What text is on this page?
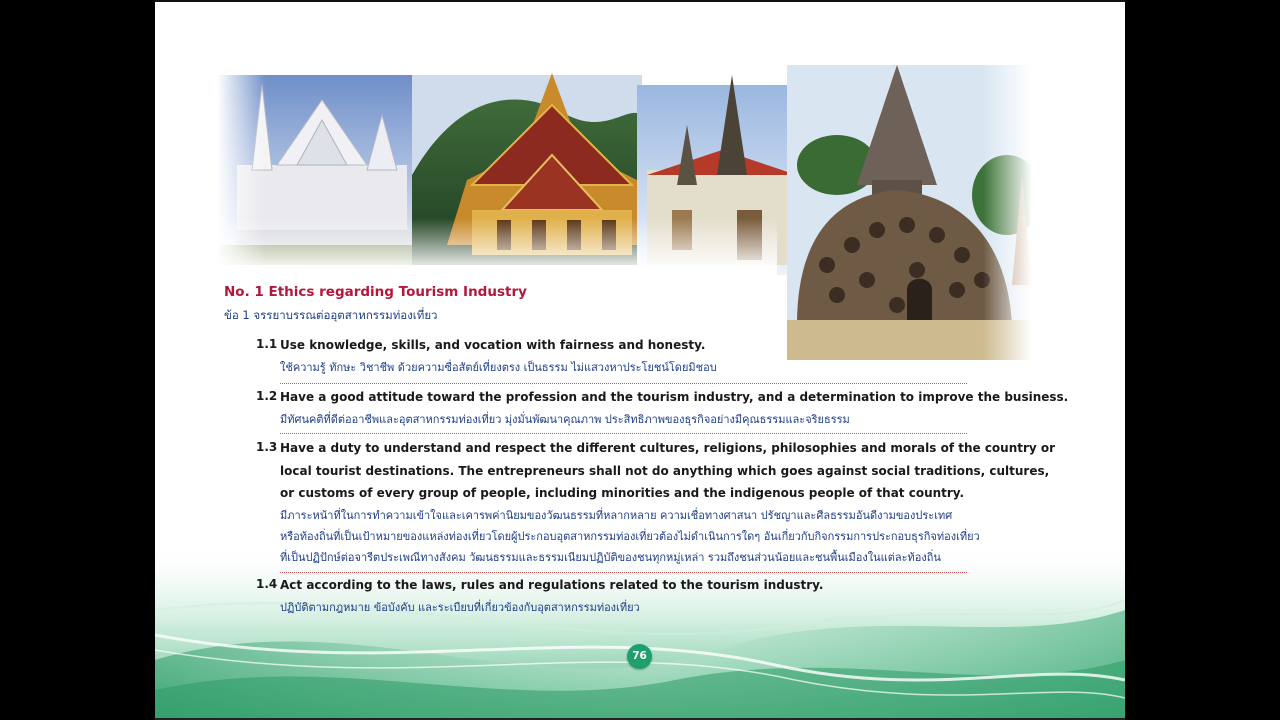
No. 1 Ethics regarding Tourism Industry
ข้อ 1 จรรยาบรรณต่ออุตสาหกรรมท่องเที่ยว
1.1 Use knowledge, skills, and vocation with fairness and honesty.
ใช้ความรู้ ทักษะ วิชาชีพ ด้วยความซื่อสัตย์เที่ยงตรง เป็นธรรม ไม่แสวงหาประโยชน์โดยมิชอบ
1.2 Have a good attitude toward the profession and the tourism industry, and a determination to improve the business.
มีทัศนคติที่ดีต่ออาชีพและอุตสาหกรรมท่องเที่ยว มุ่งมั่นพัฒนาคุณภาพ ประสิทธิภาพของธุรกิจอย่างมีคุณธรรมและจริยธรรม
1.3 Have a duty to understand and respect the different cultures, religions, philosophies and morals of the country or
local tourist destinations. The entrepreneurs shall not do anything which goes against social traditions, cultures,
or customs of every group of people, including minorities and the indigenous people of that country.
มีภาระหน้าที่ในการทำความเข้าใจและเคารพค่านิยมของวัฒนธรรมที่หลากหลาย ความเชื่อทางศาสนา ปรัชญาและศีลธรรมอันดีงามของประเทศ
หรือท้องถิ่นที่เป็นเป้าหมายของแหล่งท่องเที่ยวโดยผู้ประกอบอุตสาหกรรมท่องเที่ยวต้องไม่ดำเนินการใดๆ อันเกี่ยวกับกิจกรรมการประกอบธุรกิจท่องเที่ยว
ที่เป็นปฏิปักษ์ต่อจารีตประเพณีทางสังคม วัฒนธรรมและธรรมเนียมปฏิบัติของชนทุกหมู่เหล่า รวมถึงชนส่วนน้อยและชนพื้นเมืองในแต่ละท้องถิ่น
1.4 Act according to the laws, rules and regulations related to the tourism industry.
ปฏิบัติตามกฎหมาย ข้อบังคับ และระเบียบที่เกี่ยวข้องกับอุตสาหกรรมท่องเที่ยว
76
